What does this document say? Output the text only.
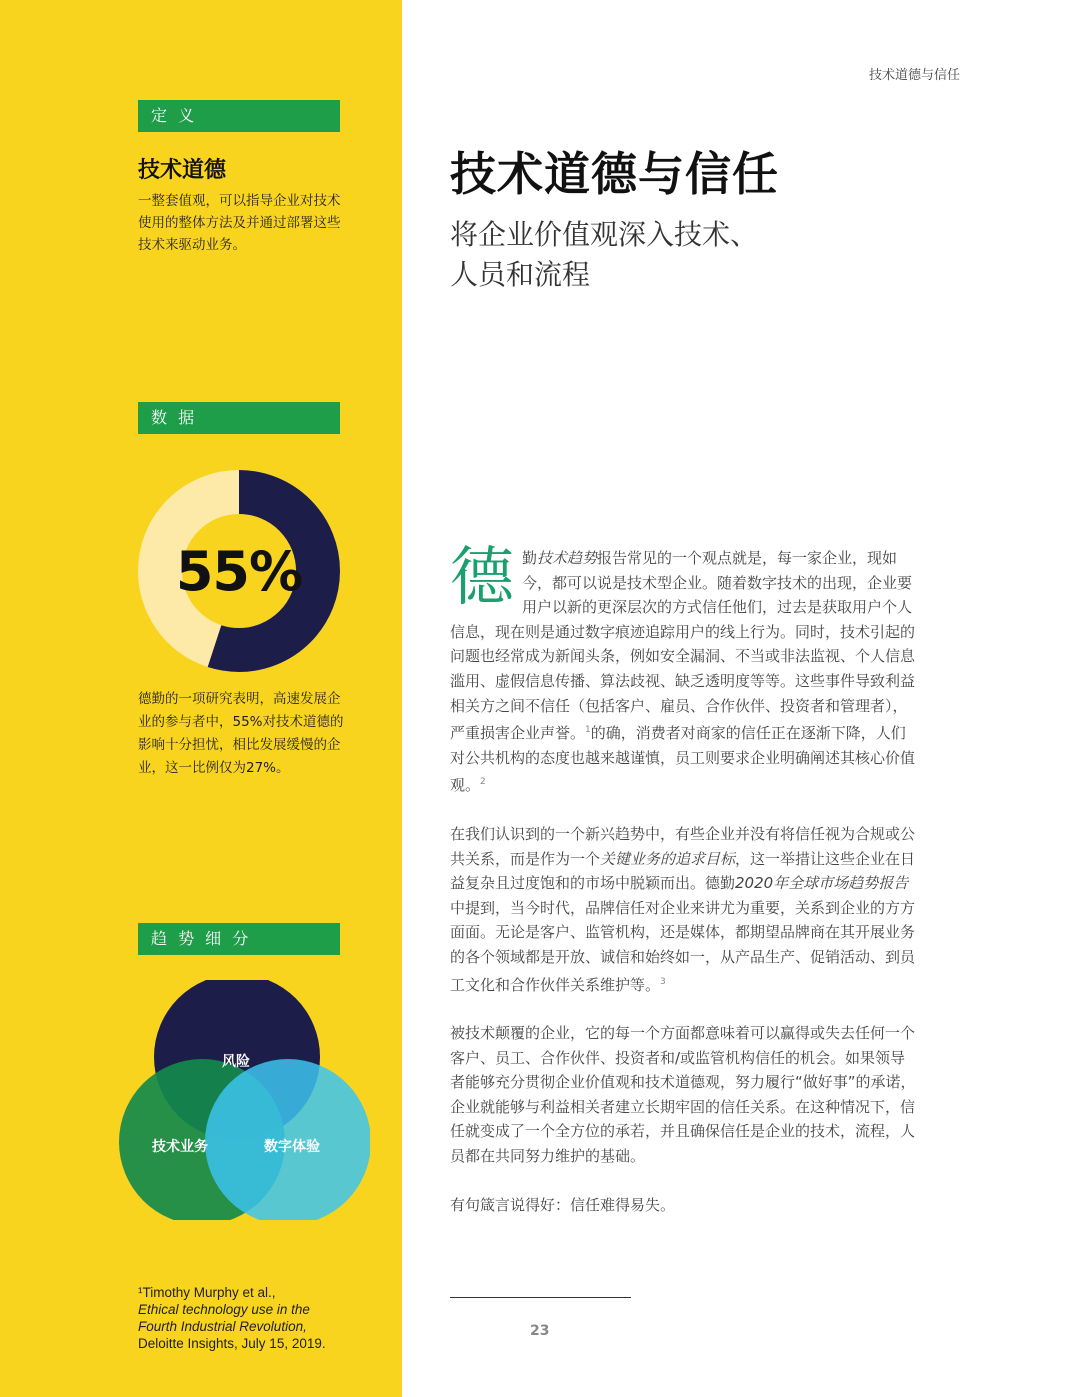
技术道德与信任
定 义
技术道德
一整套值观，可以指导企业对技术使用的整体方法及并通过部署这些技术来驱动业务。
数 据
55%
德勤的一项研究表明，高速发展企业的参与者中，55%对技术道德的影响十分担忧，相比发展缓慢的企业，这一比例仅为27%。
趋 势 细 分
风险
技术业务	数字体验
¹Timothy Murphy et al.,
Ethical technology use in the
Fourth Industrial Revolution,
Deloitte Insights, July 15, 2019.
技术道德与信任
将企业价值观深入技术、
人员和流程

德勤技术趋势报告常见的一个观点就是，每一家企业，现如今，都可以说是技术型企业。随着数字技术的出现，企业要用户以新的更深层次的方式信任他们，过去是获取用户个人信息，现在则是通过数字痕迹追踪用户的线上行为。同时，技术引起的问题也经常成为新闻头条，例如安全漏洞、不当或非法监视、个人信息滥用、虚假信息传播、算法歧视、缺乏透明度等等。这些事件导致利益相关方之间不信任（包括客户、雇员、合作伙伴、投资者和管理者），严重损害企业声誉。$^1$的确，消费者对商家的信任正在逐渐下降，人们对公共机构的态度也越来越谨慎，员工则要求企业明确阐述其核心价值观。$^2$

在我们认识到的一个新兴趋势中，有些企业并没有将信任视为合规或公共关系，而是作为一个关键业务的追求目标，这一举措让这些企业在日益复杂且过度饱和的市场中脱颖而出。德勤2020年全球市场趋势报告中提到，当今时代，品牌信任对企业来讲尤为重要，关系到企业的方方面面。无论是客户、监管机构，还是媒体，都期望品牌商在其开展业务的各个领域都是开放、诚信和始终如一，从产品生产、促销活动、到员工文化和合作伙伴关系维护等。$^3$

被技术颠覆的企业，它的每一个方面都意味着可以赢得或失去任何一个客户、员工、合作伙伴、投资者和/或监管机构信任的机会。如果领导者能够充分贯彻企业价值观和技术道德观，努力履行“做好事”的承诺，企业就能够与利益相关者建立长期牢固的信任关系。在这种情况下，信任就变成了一个全方位的承若，并且确保信任是企业的技术，流程，人员都在共同努力维护的基础。

有句箴言说得好：信任难得易失。

23
